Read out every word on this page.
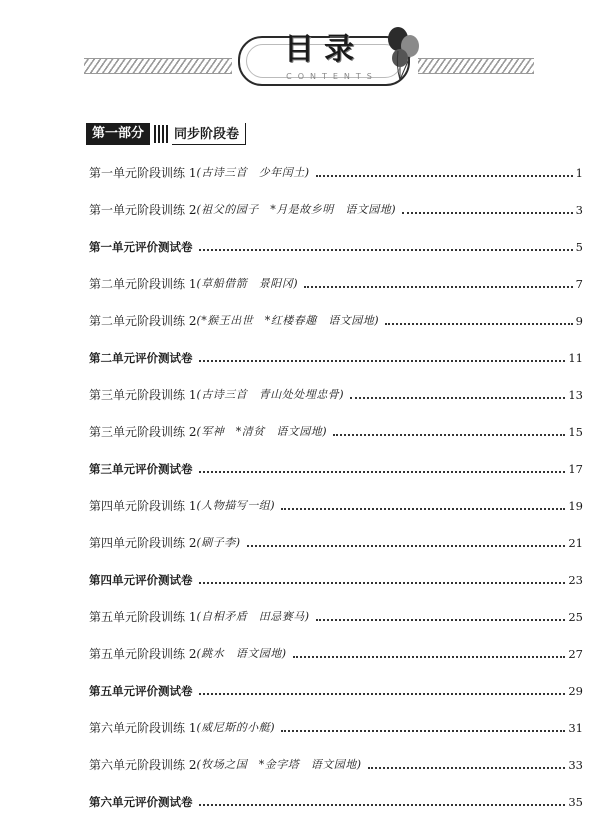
目录
CONTENTS
第一部分	同步阶段卷
第一单元阶段训练 1 (古诗三首　少年闰土)	1
第一单元阶段训练 2 (祖父的园子　*月是故乡明　语文园地)	3
第一单元评价测试卷	5
第二单元阶段训练 1 (草船借箭　景阳冈)	7
第二单元阶段训练 2 (*猴王出世　*红楼春趣　语文园地)	9
第二单元评价测试卷	11
第三单元阶段训练 1 (古诗三首　青山处处埋忠骨)	13
第三单元阶段训练 2 (军神　*清贫　语文园地)	15
第三单元评价测试卷	17
第四单元阶段训练 1 (人物描写一组)	19
第四单元阶段训练 2 (刷子李)	21
第四单元评价测试卷	23
第五单元阶段训练 1 (自相矛盾　田忌赛马)	25
第五单元阶段训练 2 (跳水　语文园地)	27
第五单元评价测试卷	29
第六单元阶段训练 1 (威尼斯的小艇)	31
第六单元阶段训练 2 (牧场之国　*金字塔　语文园地)	33
第六单元评价测试卷	35
